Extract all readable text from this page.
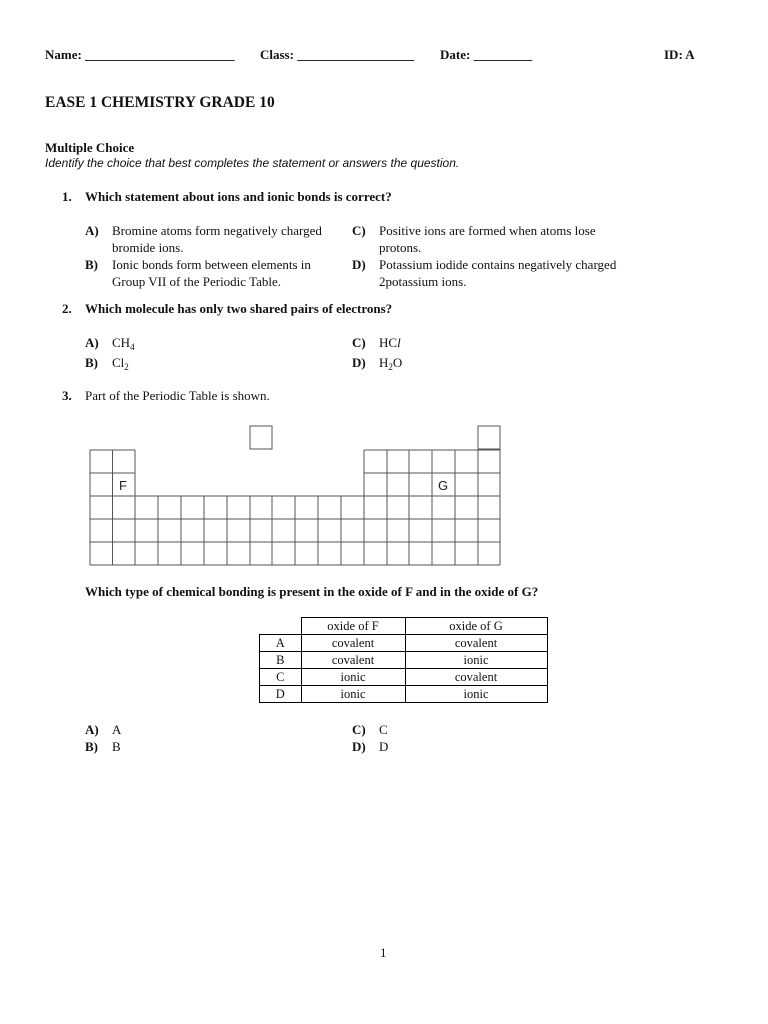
Name: _______________________ Class: __________________ Date: _________	ID: A
EASE 1 CHEMISTRY GRADE 10
Multiple Choice
Identify the choice that best completes the statement or answers the question.
1. Which statement about ions and ionic bonds is correct?
A) Bromine atoms form negatively charged bromide ions.
B) Ionic bonds form between elements in Group VII of the Periodic Table.
C) Positive ions are formed when atoms lose protons.
D) Potassium iodide contains negatively charged 2potassium ions.
2. Which molecule has only two shared pairs of electrons?
A) $CH_4$
B) $Cl_2$
C) HCl
D) $H_2O$
3. Part of the Periodic Table is shown.
F	G
Which type of chemical bonding is present in the oxide of F and in the oxide of G?
	oxide of F	oxide of G
A	covalent	covalent
B	covalent	ionic
C	ionic	covalent
D	ionic	ionic
A) A
B) B
C) C
D) D
1
